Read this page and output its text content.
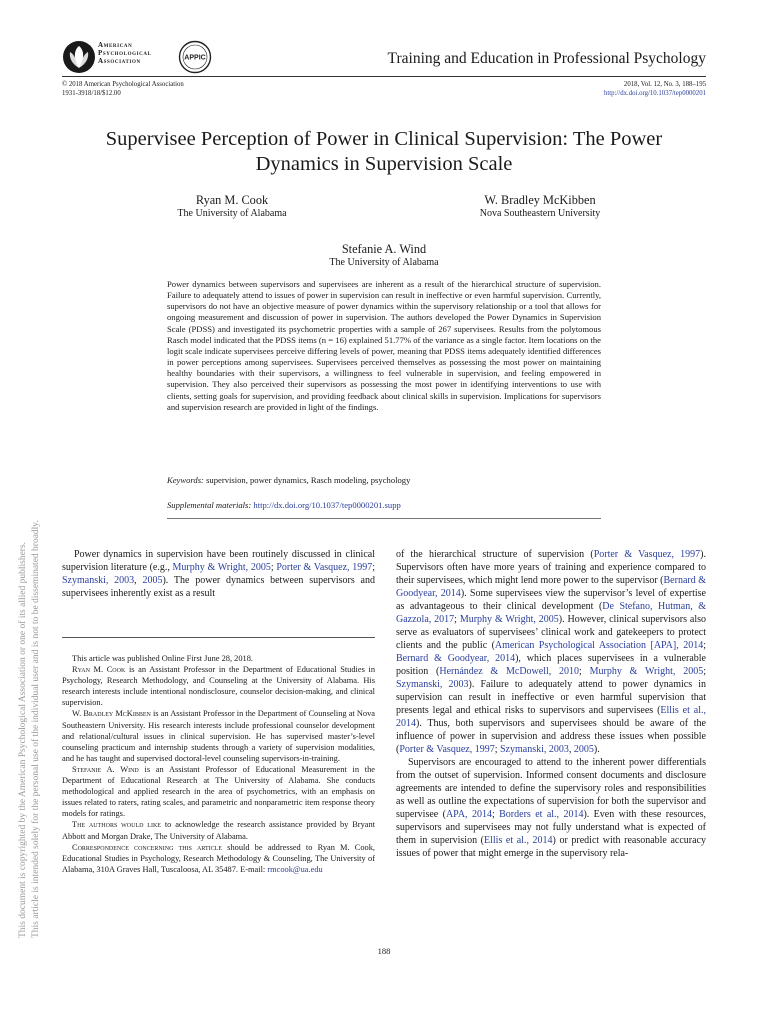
American
Psychological
Association	APPIC	Training and Education in Professional Psychology
© 2018 American Psychological Association
1931-3918/18/$12.00
2018, Vol. 12, No. 3, 188–195
http://dx.doi.org/10.1037/tep0000201
Supervisee Perception of Power in Clinical Supervision: The Power Dynamics in Supervision Scale
Ryan M. Cook
The University of Alabama
W. Bradley McKibben
Nova Southeastern University
Stefanie A. Wind
The University of Alabama
Power dynamics between supervisors and supervisees are inherent as a result of the hierarchical structure of supervision. Failure to adequately attend to issues of power in supervision can result in ineffective or even harmful supervision. Currently, supervisors do not have an objective measure of power dynamics within the supervisory relationship or a tool that allows for ongoing measurement and discussion of power in supervision. The authors developed the Power Dynamics in Supervision Scale (PDSS) and investigated its psychometric properties with a sample of 267 supervisees. Results from the polytomous Rasch model indicated that the PDSS items (n = 16) explained 51.77% of the variance as a single factor. Item locations on the logit scale indicate supervisees perceive differing levels of power, meaning that PDSS items adequately identified differences in power perceptions among supervisees. Supervisees perceived themselves as possessing the most power on maintaining healthy boundaries with their supervisors, a willingness to feel vulnerable in supervision, and feeling empowered in supervision. They also perceived their supervisors as possessing the most power in identifying interventions to use with clients, setting goals for supervision, and providing feedback about clinical skills in supervision. Implications for supervisors and supervision research are provided in light of the findings.
Keywords: supervision, power dynamics, Rasch modeling, psychology
Supplemental materials: http://dx.doi.org/10.1037/tep0000201.supp

Power dynamics in supervision have been routinely discussed in clinical supervision literature (e.g., Murphy & Wright, 2005; Porter & Vasquez, 1997; Szymanski, 2003, 2005). The power dynamics between supervisors and supervisees inherently exist as a result

This article was published Online First June 28, 2018.

Ryan M. Cook is an Assistant Professor in the Department of Educational Studies in Psychology, Research Methodology, and Counseling at the University of Alabama. His research interests include intentional nondisclosure, counselor decision-making, and clinical supervision.

W. Bradley McKibben is an Assistant Professor in the Department of Counseling at Nova Southeastern University. His research interests include professional counselor development and relational/cultural issues in clinical supervision. He has supervised master’s-level counseling practicum and internship students through a variety of supervision modalities, and he has taught and supervised doctoral-level counseling supervisors-in-training.

Stefanie A. Wind is an Assistant Professor of Educational Measurement in the Department of Educational Research at The University of Alabama. She conducts methodological and applied research in the area of psychometrics, with an emphasis on issues related to raters, rating scales, and parametric and nonparametric item response theory models for ratings.

The authors would like to acknowledge the research assistance provided by Bryant Abbott and Morgan Drake, The University of Alabama.

Correspondence concerning this article should be addressed to Ryan M. Cook, Educational Studies in Psychology, Research Methodology & Counseling, The University of Alabama, 310A Graves Hall, Tuscaloosa, AL 35487. E-mail: rmcook@ua.edu

of the hierarchical structure of supervision (Porter & Vasquez, 1997). Supervisors often have more years of training and experience compared to their supervisees, which might lend more power to the supervisor (Bernard & Goodyear, 2014). Some supervisees view the supervisor’s level of expertise as advantageous to their clinical development (De Stefano, Hutman, & Gazzola, 2017; Murphy & Wright, 2005). However, clinical supervisors also serve as evaluators of supervisees’ clinical work and gatekeepers to protect clients and the public (American Psychological Association [APA], 2014; Bernard & Goodyear, 2014), which places supervisees in a vulnerable position (Hernández & McDowell, 2010; Murphy & Wright, 2005; Szymanski, 2003). Failure to adequately attend to power dynamics in supervision can result in ineffective or even harmful supervision that presents legal and ethical risks to supervisors and supervisees (Ellis et al., 2014). Thus, both supervisors and supervisees should be aware of the influence of power in supervision and address these issues when possible (Porter & Vasquez, 1997; Szymanski, 2003, 2005).

Supervisors are encouraged to attend to the inherent power differentials from the outset of supervision. Informed consent documents and disclosure agreements are intended to define the supervisory roles and responsibilities as well as outline the expectations of supervision for both the supervisor and supervisee (APA, 2014; Borders et al., 2014). Even with these resources, supervisors and supervisees may not fully understand what is expected of them in supervision (Ellis et al., 2014) or predict with reasonable accuracy issues of power that might emerge in the supervisory rela-

188
This document is copyrighted by the American Psychological Association or one of its allied publishers. This article is intended solely for the personal use of the individual user and is not to be disseminated broadly.
